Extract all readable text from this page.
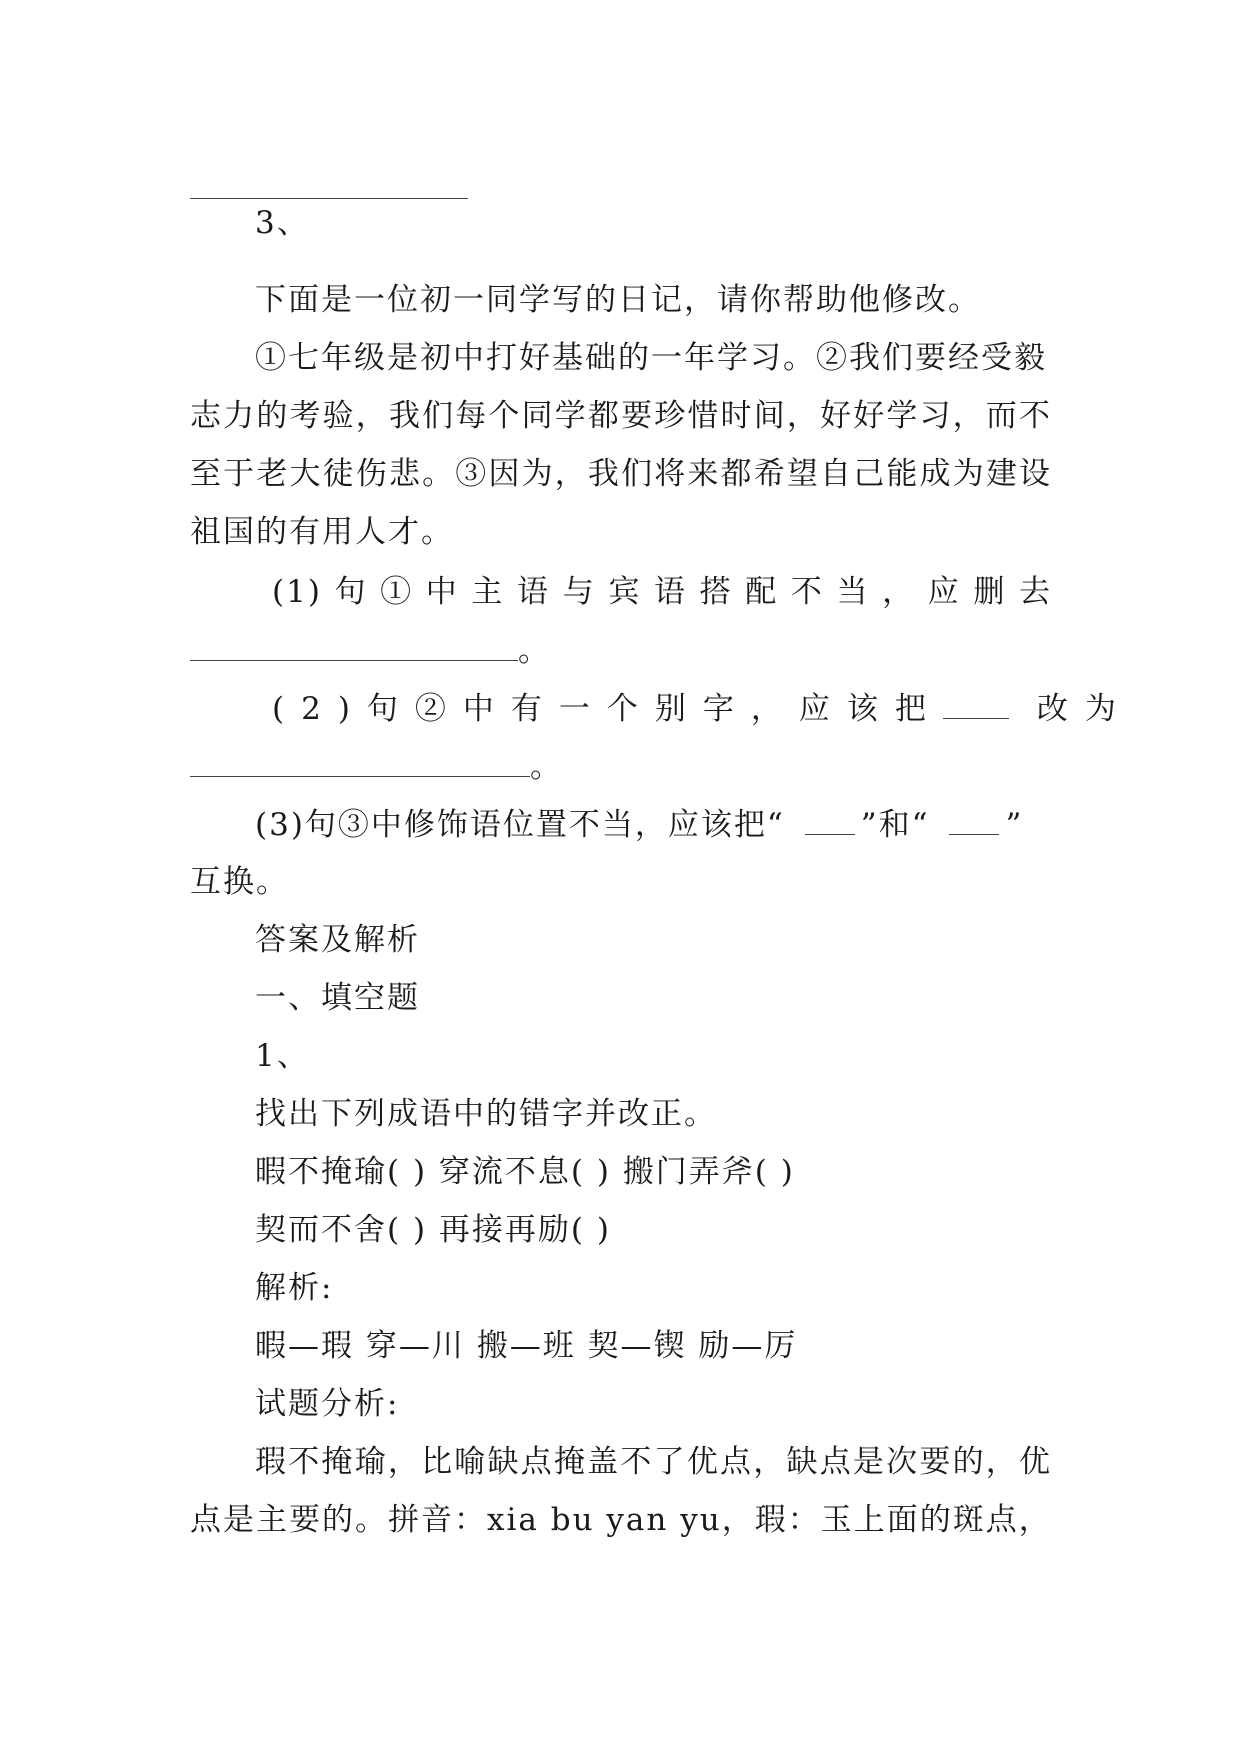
3、
下面是一位初一同学写的日记，请你帮助他修改。
①七年级是初中打好基础的一年学习。②我们要经受毅
志力的考验，我们每个同学都要珍惜时间，好好学习，而不
至于老大徒伤悲。③因为，我们将来都希望自己能成为建设
祖国的有用人才。
(1)句①中主语与宾语搭配不当，应删去
。
(2)句②中有一个别字，应该把	改为
。
(3)句③中修饰语位置不当，应该把“ ”和“ ”
互换。
答案及解析
一、填空题
1、
找出下列成语中的错字并改正。
暇不掩瑜( ) 穿流不息( ) 搬门弄斧( )
契而不舍( ) 再接再励( )
解析:
暇—瑕 穿—川 搬—班 契—锲 励—厉
试题分析:
瑕不掩瑜，比喻缺点掩盖不了优点，缺点是次要的，优
点是主要的。拼音：xia bu yan yu，瑕：玉上面的斑点，
